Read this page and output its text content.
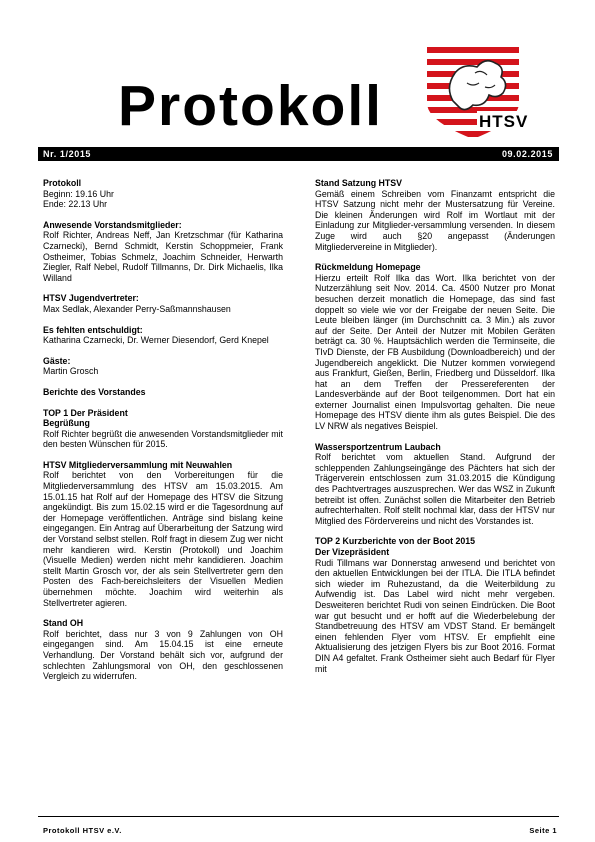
Protokoll	HTSV
Nr. 1/2015	09.02.2015

Protokoll

Beginn: 19.16 Uhr

Ende: 22.13 Uhr

Anwesende Vorstandsmitglieder:

Rolf Richter, Andreas Neff, Jan Kretzschmar (für Katharina Czarnecki), Bernd Schmidt, Kerstin Schoppmeier, Frank Ostheimer, Tobias Schmelz, Joachim Schneider, Herwarth Ziegler, Ralf Nebel, Rudolf Tillmanns, Dr. Dirk Michaelis, Ilka Willand

HTSV Jugendvertreter:

Max Sedlak, Alexander Perry-Saßmannshausen

Es fehlten entschuldigt:

Katharina Czarnecki, Dr. Werner Diesendorf, Gerd Knepel

Gäste:

Martin Grosch

Berichte des Vorstandes

TOP 1 Der Präsident

Begrüßung

Rolf Richter begrüßt die anwesenden Vorstandsmitglieder mit den besten Wünschen für 2015.

HTSV Mitgliederversammlung mit Neuwahlen

Rolf berichtet von den Vorbereitungen für die Mitgliederversammlung des HTSV am 15.03.2015. Am 15.01.15 hat Rolf auf der Homepage des HTSV die Sitzung angekündigt. Bis zum 15.02.15 wird er die Tagesordnung auf der Homepage veröffentlichen. Anträge sind bislang keine eingegangen. Ein Antrag auf Überarbeitung der Satzung wird der Vorstand selbst stellen. Rolf fragt in diesem Zug wer nicht mehr kandieren wird. Kerstin (Protokoll) und Joachim (Visuelle Medien) werden nicht mehr kandidieren. Joachim stellt Martin Grosch vor, der als sein Stellvertreter gern den Posten des Fach-bereichsleiters der Visuellen Medien übernehmen möchte. Joachim wird weiterhin als Stellvertreter agieren.

Stand OH

Rolf berichtet, dass nur 3 von 9 Zahlungen von OH eingegangen sind. Am 15.04.15 ist eine erneute Verhandlung. Der Vorstand behält sich vor, aufgrund der schlechten Zahlungsmoral von OH, den geschlossenen Vergleich zu widerrufen.

Stand Satzung HTSV

Gemäß einem Schreiben vom Finanzamt entspricht die HTSV Satzung nicht mehr der Mustersatzung für Vereine. Die kleinen Änderungen wird Rolf im Wortlaut mit der Einladung zur Mitglieder-versammlung versenden. In diesem Zuge wird auch §20 angepasst (Änderungen Mitgliedervereine in Mitglieder).

Rückmeldung Homepage

Hierzu erteilt Rolf Ilka das Wort. Ilka berichtet von der Nutzerzählung seit Nov. 2014. Ca. 4500 Nutzer pro Monat besuchen derzeit monatlich die Homepage, das sind fast doppelt so viele wie vor der Freigabe der neuen Seite. Die Leute bleiben länger (im Durchschnitt ca. 3 Min.) als zuvor auf der Seite. Der Anteil der Nutzer mit Mobilen Geräten beträgt ca. 30 %. Hauptsächlich werden die Terminseite, die TIvD Dienste, der FB Ausbildung (Downloadbereich) und der Jugendbereich angeklickt. Die Nutzer kommen vorwiegend aus Frankfurt, Gießen, Berlin, Friedberg und Düsseldorf. Ilka hat an dem Treffen der Pressereferenten der Landesverbände auf der Boot teilgenommen. Dort hat ein externer Journalist einen Impulsvortag gehalten. Die neue Homepage des HTSV diente ihm als gutes Beispiel. Die des LV NRW als negatives Beispiel.

Wassersportzentrum Laubach

Rolf berichtet vom aktuellen Stand. Aufgrund der schleppenden Zahlungseingänge des Pächters hat sich der Trägerverein entschlossen zum 31.03.2015 die Kündigung des Pachtvertrages auszusprechen. Wer das WSZ in Zukunft betreibt ist offen. Zunächst sollen die Mitarbeiter den Betrieb aufrechterhalten. Rolf stellt nochmal klar, dass der HTSV nur Mitglied des Fördervereins und nicht des Vorstandes ist.

TOP 2 Kurzberichte von der Boot 2015

Der Vizepräsident

Rudi Tillmans war Donnerstag anwesend und berichtet von den aktuellen Entwicklungen bei der ITLA. Die ITLA befindet sich wieder im Ruhezustand, da die Weiterbildung zu Aufwendig ist. Das Label wird nicht mehr vergeben. Desweiteren berichtet Rudi von seinen Eindrücken. Die Boot war gut besucht und er hofft auf die Wiederbelebung der Standbetreuung des HTSV am VDST Stand. Er bemängelt einen fehlenden Flyer vom HTSV. Er empfiehlt eine Aktualisierung des jetzigen Flyers bis zur Boot 2016. Format DIN A4 gefaltet. Frank Ostheimer sieht auch Bedarf für Flyer mit

Protokoll HTSV e.V.	Seite 1
